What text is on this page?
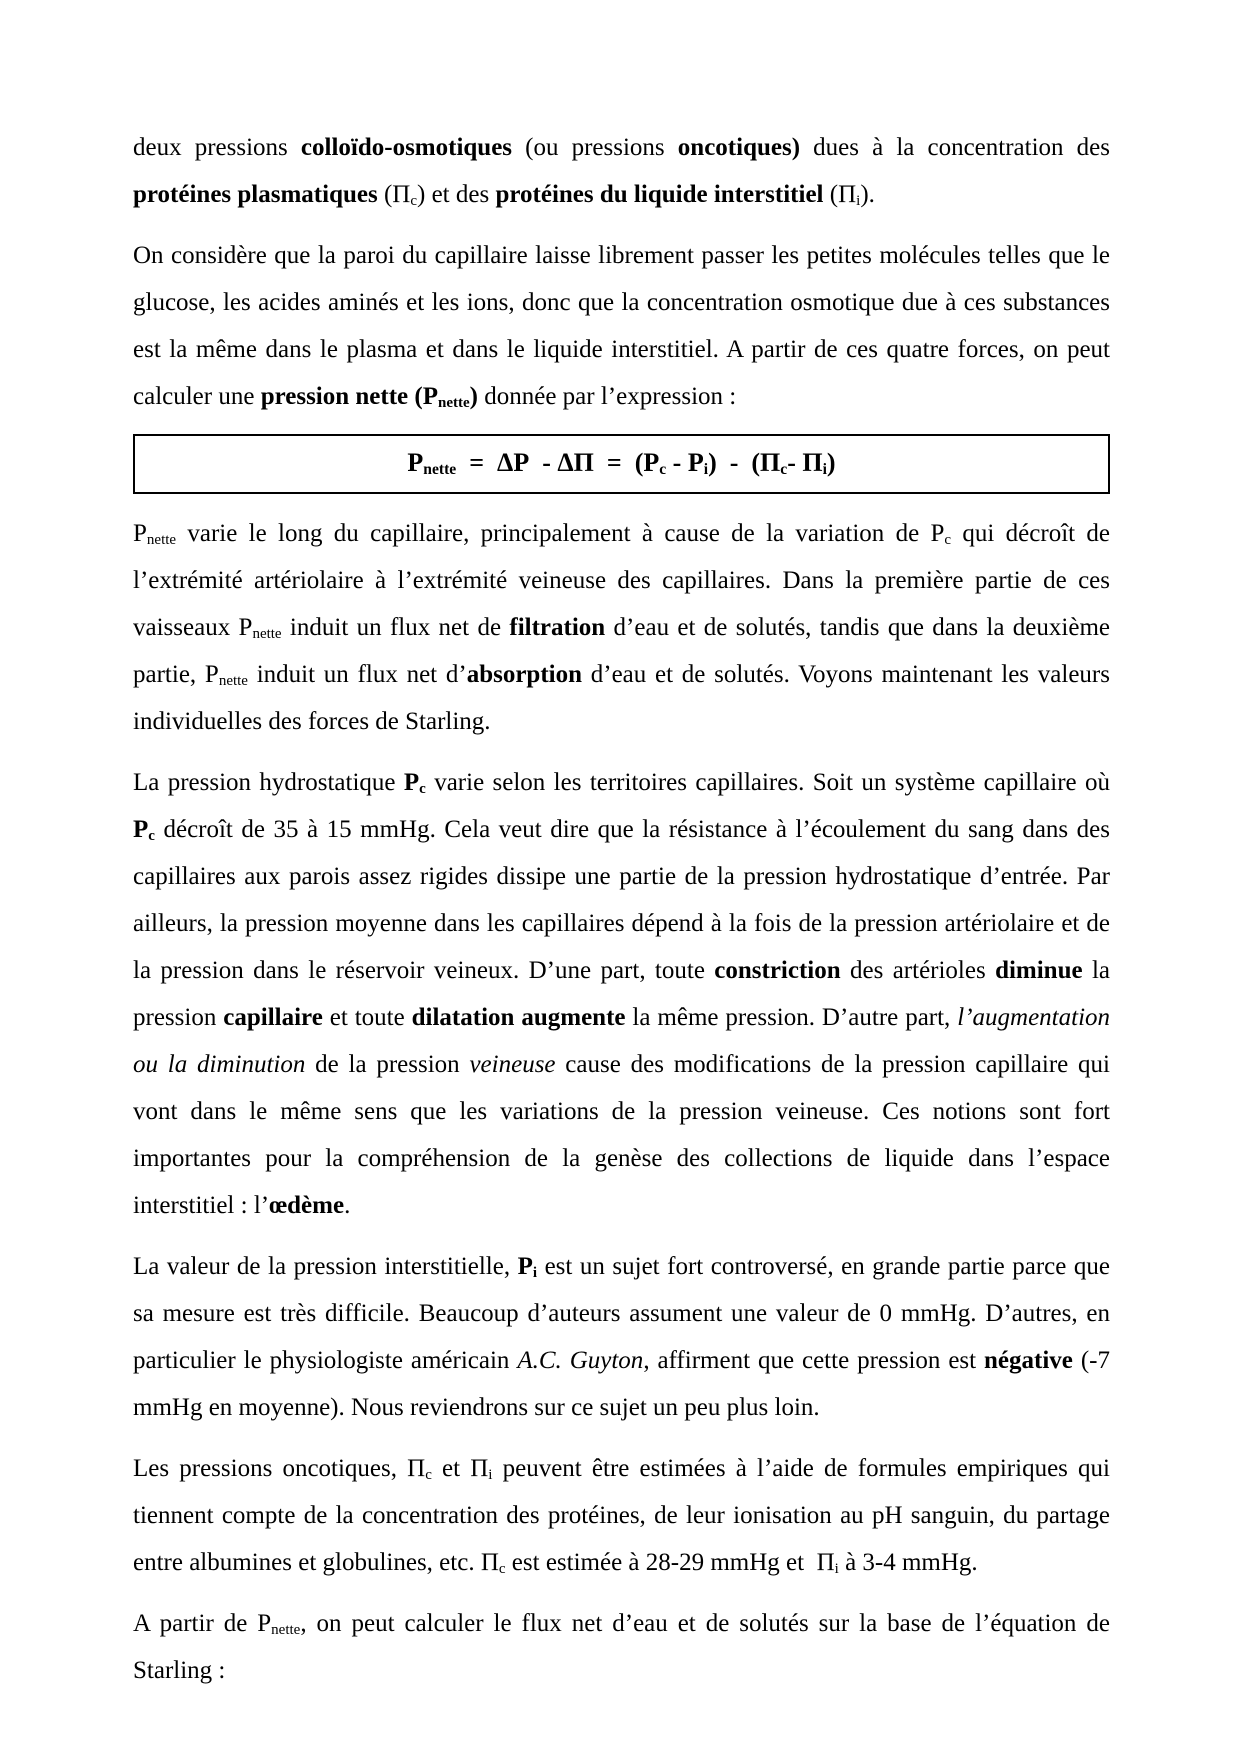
deux pressions colloïdo-osmotiques (ou pressions oncotiques) dues à la concentration des protéines plasmatiques $(\Pi_c)$ et des protéines du liquide interstitiel $(\Pi_i)$.

On considère que la paroi du capillaire laisse librement passer les petites molécules telles que le glucose, les acides aminés et les ions, donc que la concentration osmotique due à ces substances est la même dans le plasma et dans le liquide interstitiel. A partir de ces quatre forces, on peut calculer une pression nette $(P_{nette})$ donnée par l’expression :

$P_{nette} = \Delta P - \Delta\Pi = (P_c - P_i) - (\Pi_c-$ $\Pi_i$)

$P_{nette}$ varie le long du capillaire, principalement à cause de la variation de $P_c$ qui décroît de l’extrémité artériolaire à l’extrémité veineuse des capillaires. Dans la première partie de ces vaisseaux $P_{nette}$ induit un flux net de filtration d’eau et de solutés, tandis que dans la deuxième partie, $P_{nette}$ induit un flux net d’absorption d’eau et de solutés. Voyons maintenant les valeurs individuelles des forces de Starling.

La pression hydrostatique $P_c$ varie selon les territoires capillaires. Soit un système capillaire où $P_c$ décroît de 35 à 15 mmHg. Cela veut dire que la résistance à l’écoulement du sang dans des capillaires aux parois assez rigides dissipe une partie de la pression hydrostatique d’entrée. Par ailleurs, la pression moyenne dans les capillaires dépend à la fois de la pression artériolaire et de la pression dans le réservoir veineux. D’une part, toute constriction des artérioles diminue la pression capillaire et toute dilatation augmente la même pression. D’autre part, l’augmentation ou la diminution de la pression veineuse cause des modifications de la pression capillaire qui vont dans le même sens que les variations de la pression veineuse. Ces notions sont fort importantes pour la compréhension de la genèse des collections de liquide dans l’espace interstitiel : l’œdème.

La valeur de la pression interstitielle, $P_i$ est un sujet fort controversé, en grande partie parce que sa mesure est très difficile. Beaucoup d’auteurs assument une valeur de 0 mmHg. D’autres, en particulier le physiologiste américain A.C. Guyton, affirment que cette pression est négative (-7 mmHg en moyenne). Nous reviendrons sur ce sujet un peu plus loin.

Les pressions oncotiques, $\Pi_c$ et $\Pi_i$ peuvent être estimées à l’aide de formules empiriques qui tiennent compte de la concentration des protéines, de leur ionisation au pH sanguin, du partage entre albumines et globulines, etc. $\Pi_c$ est estimée à 28-29 mmHg et  $\Pi_i$ à 3-4 mmHg.

A partir de $P_{nette}$, on peut calculer le flux net d’eau et de solutés sur la base de l’équation de Starling :
